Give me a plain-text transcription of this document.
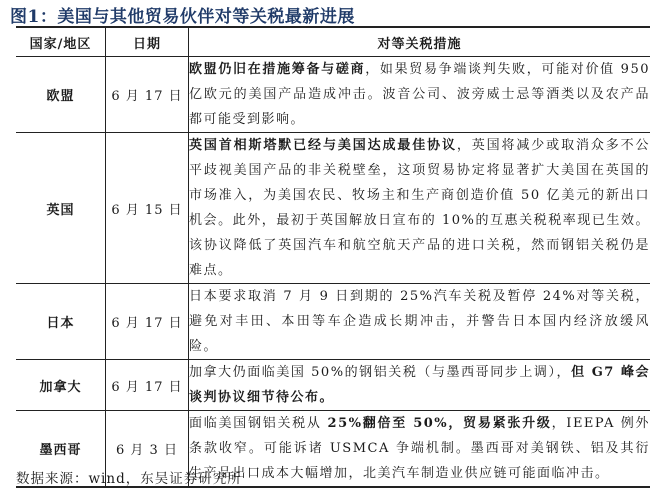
图1：美国与其他贸易伙伴对等关税最新进展
国家/地区	日期	对等关税措施
欧盟	6 月 17 日	欧盟仍旧在措施筹备与磋商，如果贸易争端谈判失败，可能对价值 950 亿欧元的美国产品造成冲击。波音公司、波旁威士忌等酒类以及农产品都可能受到影响。
英国	6 月 15 日	英国首相斯塔默已经与美国达成最佳协议，英国将减少或取消众多不公平歧视美国产品的非关税壁垒，这项贸易协定将显著扩大美国在英国的市场准入，为美国农民、牧场主和生产商创造价值 50 亿美元的新出口机会。此外，最初于英国解放日宣布的 10%的互惠关税税率现已生效。该协议降低了英国汽车和航空航天产品的进口关税，然而钢铝关税仍是难点。
日本	6 月 17 日	日本要求取消 7 月 9 日到期的 25%汽车关税及暂停 24%对等关税，避免对丰田、本田等车企造成长期冲击，并警告日本国内经济放缓风险。
加拿大	6 月 17 日	加拿大仍面临美国 50%的钢铝关税（与墨西哥同步上调），但 G7 峰会谈判协议细节待公布。
墨西哥	6 月 3 日	面临美国钢铝关税从 25%翻倍至 50%，贸易紧张升级，IEEPA 例外条款收窄。可能诉诸 USMCA 争端机制。墨西哥对美钢铁、铝及其衍生产品出口成本大幅增加，北美汽车制造业供应链可能面临冲击。
数据来源：wind，东吴证券研究所
